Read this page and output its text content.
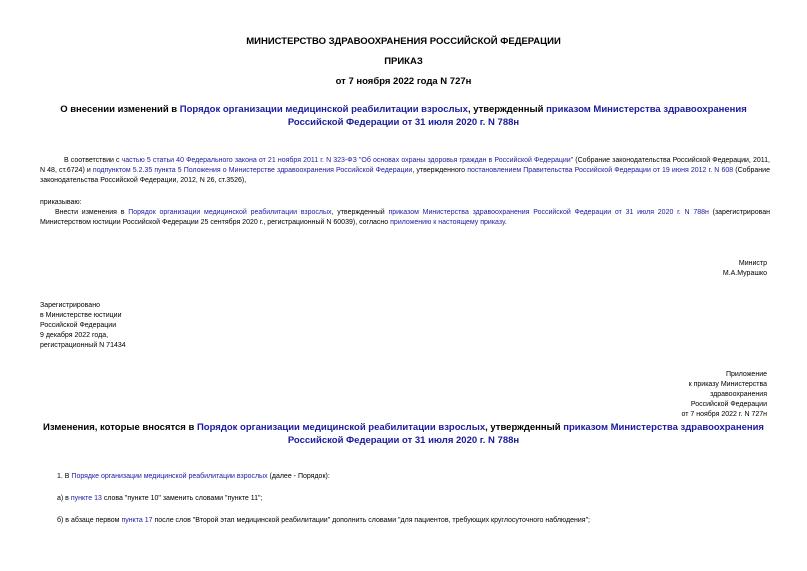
МИНИСТЕРСТВО ЗДРАВООХРАНЕНИЯ РОССИЙСКОЙ ФЕДЕРАЦИИ
ПРИКАЗ
от 7 ноября 2022 года N 727н
О внесении изменений в Порядок организации медицинской реабилитации взрослых, утвержденный приказом Министерства здравоохранения Российской Федерации от 31 июля 2020 г. N 788н
В соответствии с частью 5 статьи 40 Федерального закона от 21 ноября 2011 г. N 323-ФЗ "Об основах охраны здоровья граждан в Российской Федерации" (Собрание законодательства Российской Федерации, 2011, N 48, ст.6724) и подпунктом 5.2.35 пункта 5 Положения о Министерстве здравоохранения Российской Федерации, утвержденного постановлением Правительства Российской Федерации от 19 июня 2012 г. N 608 (Собрание законодательства Российской Федерации, 2012, N 26, ст.3526),
приказываю:
Внести изменения в Порядок организации медицинской реабилитации взрослых, утвержденный приказом Министерства здравоохранения Российской Федерации от 31 июля 2020 г. N 788н (зарегистрирован Министерством юстиции Российской Федерации 25 сентября 2020 г., регистрационный N 60039), согласно приложению к настоящему приказу.
Министр
М.А.Мурашко
Зарегистрировано
в Министерстве юстиции
Российской Федерации
9 декабря 2022 года,
регистрационный N 71434
Приложение
к приказу Министерства
здравоохранения
Российской Федерации
от 7 ноября 2022 г. N 727н
Изменения, которые вносятся в Порядок организации медицинской реабилитации взрослых, утвержденный приказом Министерства здравоохранения Российской Федерации от 31 июля 2020 г. N 788н
1. В Порядке организации медицинской реабилитации взрослых (далее - Порядок):
а) в пункте 13 слова "пункте 10" заменить словами "пункте 11";
б) в абзаце первом пункта 17 после слов "Второй этап медицинской реабилитации" дополнить словами "для пациентов, требующих круглосуточного наблюдения";
